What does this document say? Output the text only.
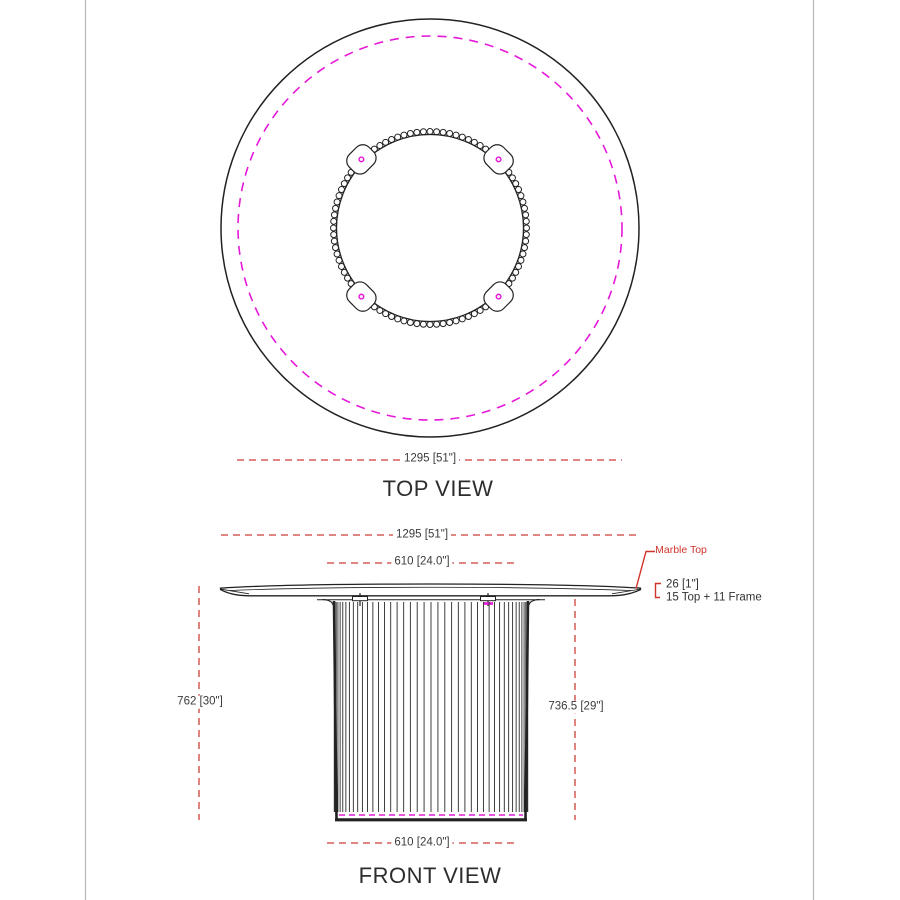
1295 [51"]
TOP VIEW
1295 [51"]
610 [24.0"]
Marble Top
26 [1"]
15 Top + 11 Frame
762 [30"]	736.5 [29"]
610 [24.0"]
FRONT VIEW
